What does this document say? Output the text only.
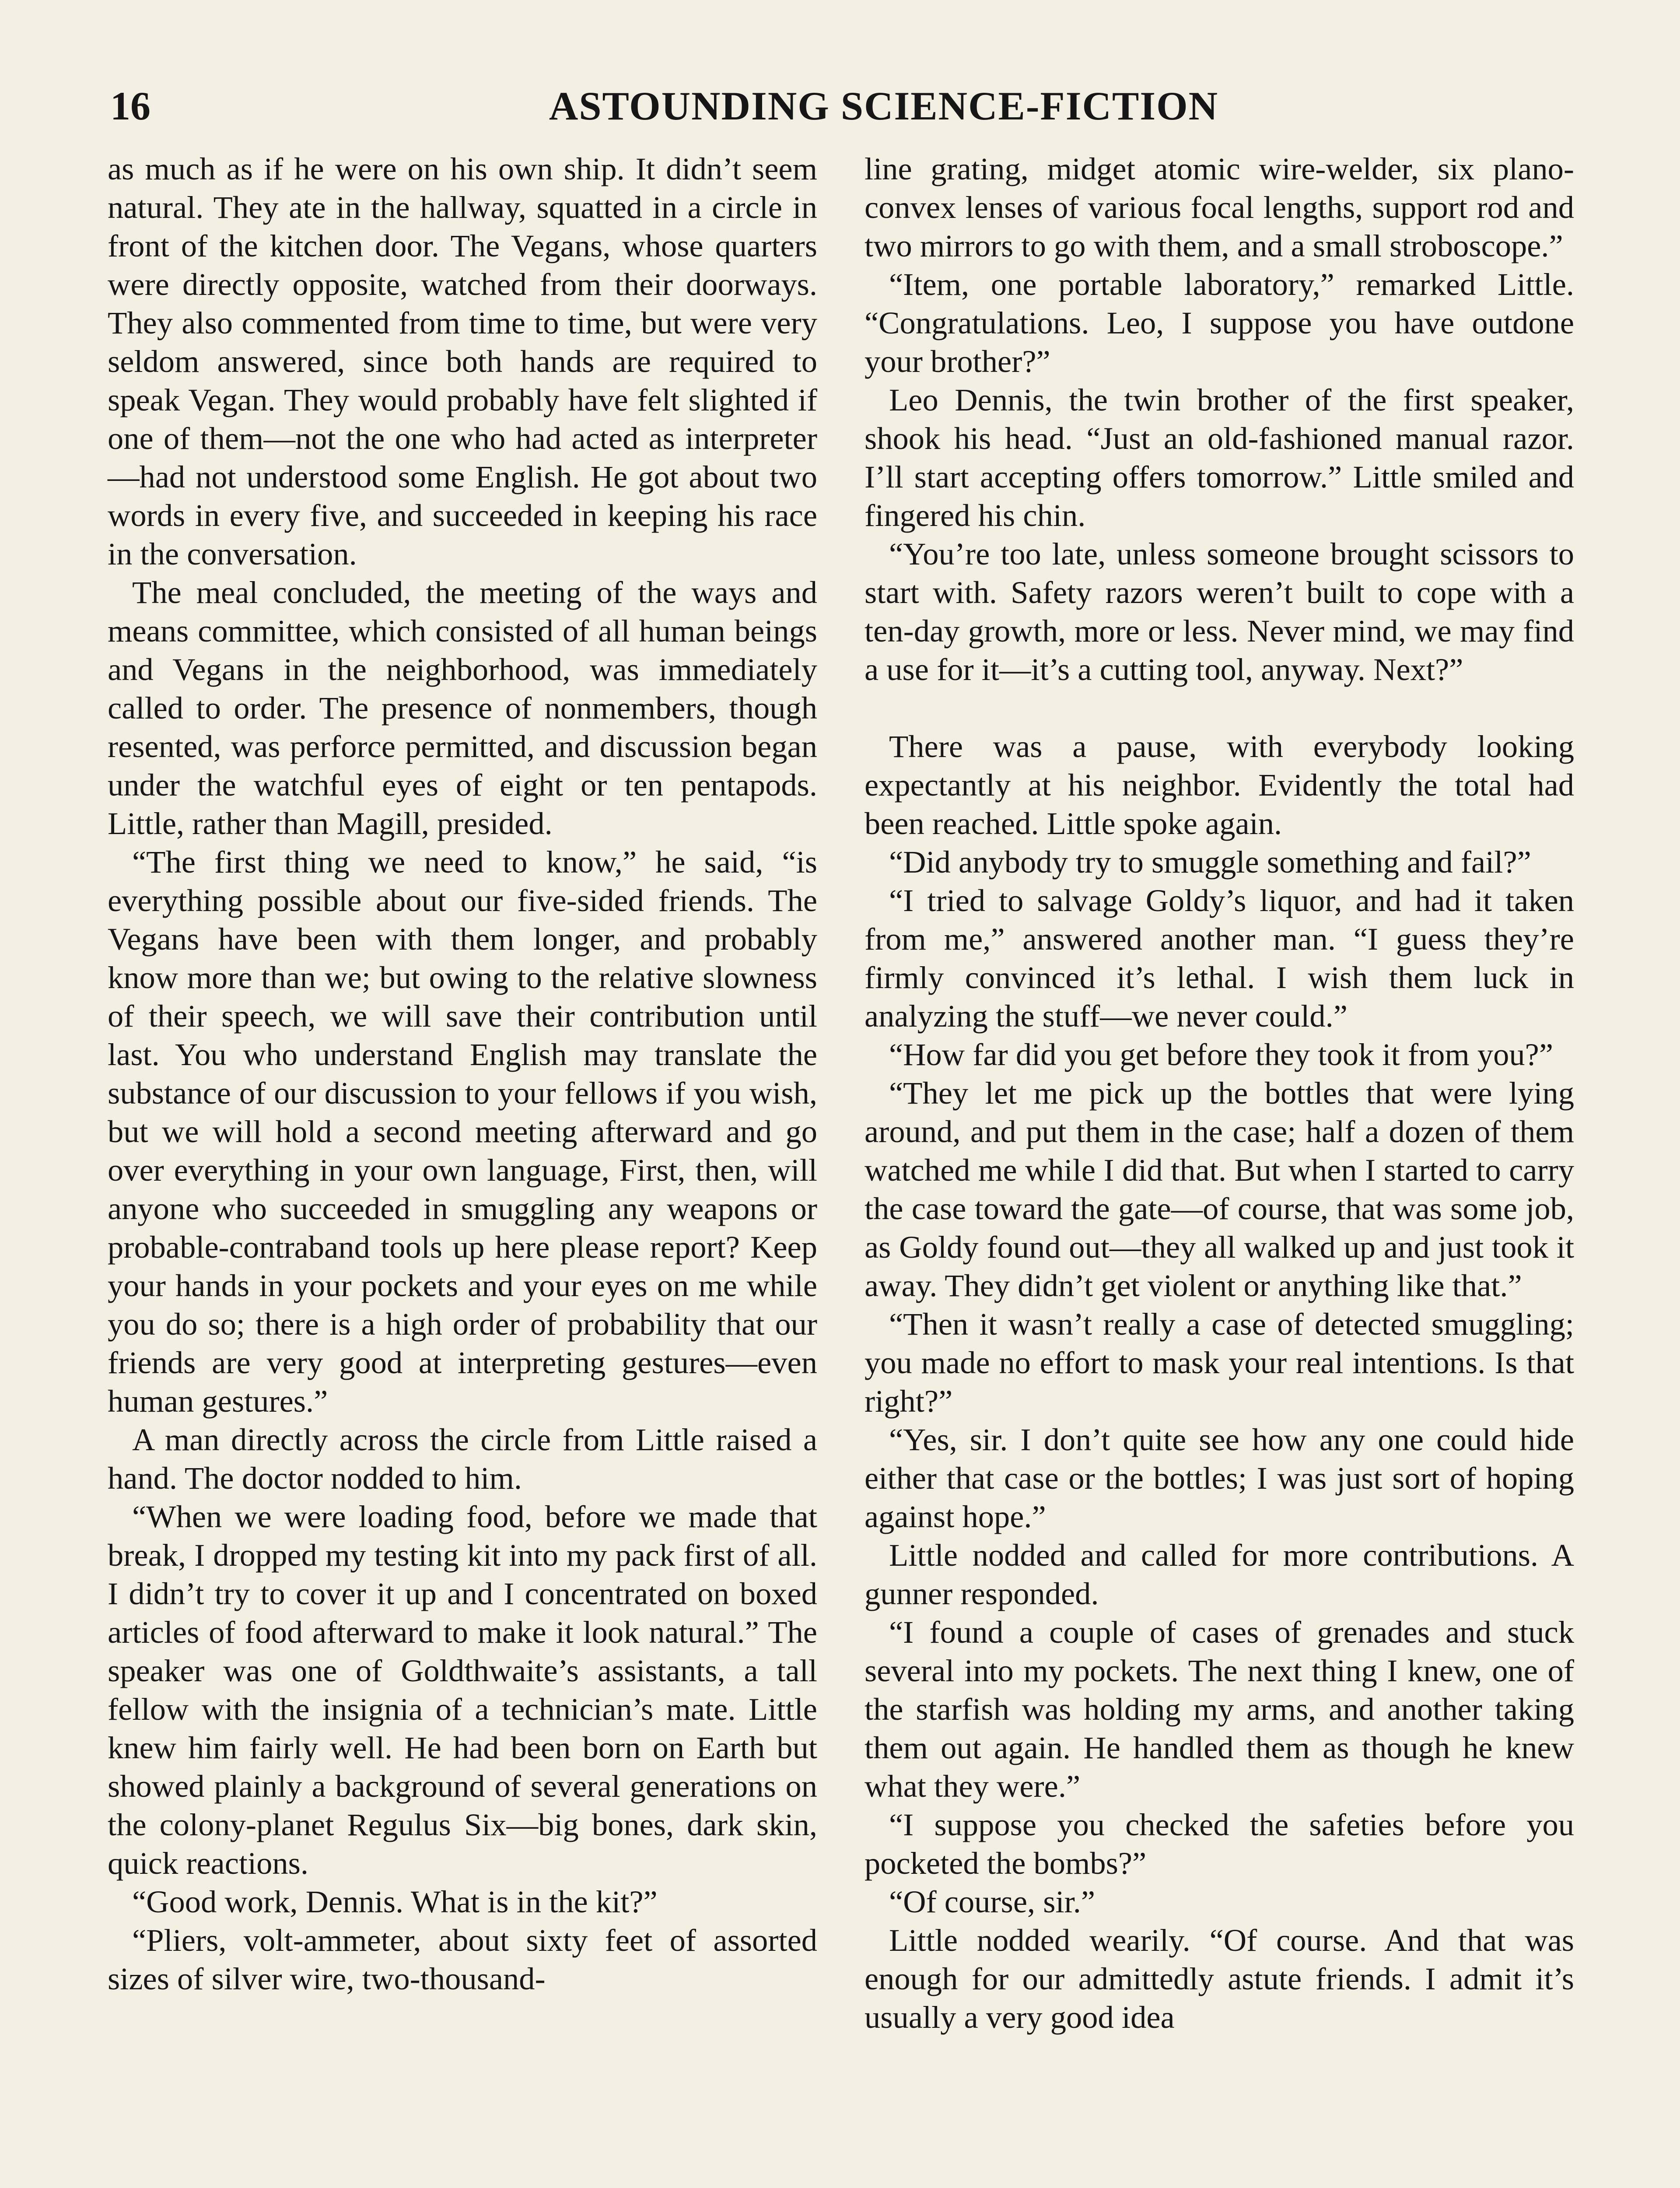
16	ASTOUNDING SCIENCE-FICTION

as much as if he were on his own ship. It didn’t seem natural. They ate in the hallway, squatted in a circle in front of the kitchen door. The Vegans, whose quarters were directly opposite, watched from their doorways. They also commented from time to time, but were very seldom answered, since both hands are required to speak Vegan. They would probably have felt slighted if one of them—not the one who had acted as interpreter—had not understood some English. He got about two words in every five, and succeeded in keeping his race in the conversation.

The meal concluded, the meeting of the ways and means committee, which consisted of all human beings and Vegans in the neighborhood, was immediately called to order. The presence of nonmembers, though resented, was perforce permitted, and discussion began under the watchful eyes of eight or ten pentapods. Little, rather than Magill, presided.

“The first thing we need to know,” he said, “is everything possible about our five-sided friends. The Vegans have been with them longer, and probably know more than we; but owing to the relative slowness of their speech, we will save their contribution until last. You who understand English may translate the substance of our discussion to your fellows if you wish, but we will hold a second meeting afterward and go over everything in your own language, First, then, will anyone who succeeded in smuggling any weapons or probable-contraband tools up here please report? Keep your hands in your pockets and your eyes on me while you do so; there is a high order of probability that our friends are very good at interpreting gestures—even human gestures.”

A man directly across the circle from Little raised a hand. The doctor nodded to him.

“When we were loading food, before we made that break, I dropped my testing kit into my pack first of all. I didn’t try to cover it up and I concentrated on boxed articles of food afterward to make it look natural.” The speaker was one of Goldthwaite’s assistants, a tall fellow with the insignia of a technician’s mate. Little knew him fairly well. He had been born on Earth but showed plainly a background of several generations on the colony-planet Regulus Six—big bones, dark skin, quick reactions.

“Good work, Dennis. What is in the kit?”

“Pliers, volt-ammeter, about sixty feet of assorted sizes of silver wire, two-thousand-

line grating, midget atomic wire-welder, six plano-convex lenses of various focal lengths, support rod and two mirrors to go with them, and a small stroboscope.”

“Item, one portable laboratory,” remarked Little. “Congratulations. Leo, I suppose you have outdone your brother?”

Leo Dennis, the twin brother of the first speaker, shook his head. “Just an old-fashioned manual razor. I’ll start accepting offers tomorrow.” Little smiled and fingered his chin.

“You’re too late, unless someone brought scissors to start with. Safety razors weren’t built to cope with a ten-day growth, more or less. Never mind, we may find a use for it—it’s a cutting tool, anyway. Next?”

There was a pause, with everybody looking expectantly at his neighbor. Evidently the total had been reached. Little spoke again.

“Did anybody try to smuggle something and fail?”

“I tried to salvage Goldy’s liquor, and had it taken from me,” answered another man. “I guess they’re firmly convinced it’s lethal. I wish them luck in analyzing the stuff—we never could.”

“How far did you get before they took it from you?”

“They let me pick up the bottles that were lying around, and put them in the case; half a dozen of them watched me while I did that. But when I started to carry the case toward the gate—of course, that was some job, as Goldy found out—they all walked up and just took it away. They didn’t get violent or anything like that.”

“Then it wasn’t really a case of detected smuggling; you made no effort to mask your real intentions. Is that right?”

“Yes, sir. I don’t quite see how any one could hide either that case or the bottles; I was just sort of hoping against hope.”

Little nodded and called for more contributions. A gunner responded.

“I found a couple of cases of grenades and stuck several into my pockets. The next thing I knew, one of the starfish was holding my arms, and another taking them out again. He handled them as though he knew what they were.”

“I suppose you checked the safeties before you pocketed the bombs?”

“Of course, sir.”

Little nodded wearily. “Of course. And that was enough for our admittedly astute friends. I admit it’s usually a very good idea
